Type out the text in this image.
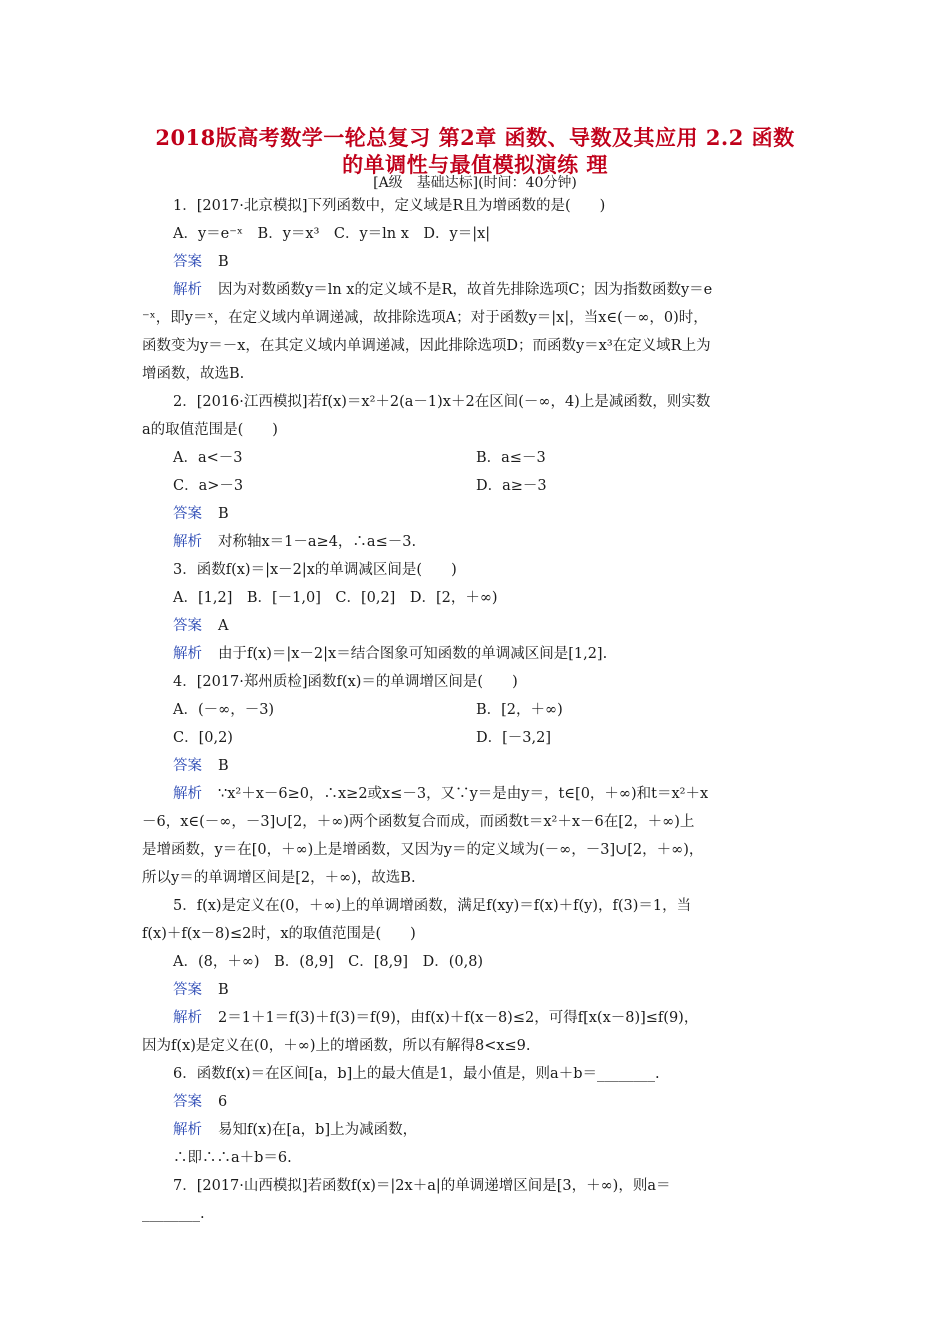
2018版高考数学一轮总复习 第2章 函数、导数及其应用 2.2 函数
的单调性与最值模拟演练 理
[A级　基础达标](时间：40分钟)
1．[2017·北京模拟]下列函数中，定义域是R且为增函数的是(　　)
A．y＝e⁻ˣ　B．y＝x³　C．y＝ln x　D．y＝|x|
答案 B
解析 因为对数函数y＝ln x的定义域不是R，故首先排除选项C；因为指数函数y＝e
⁻ˣ，即y＝ˣ，在定义域内单调递减，故排除选项A；对于函数y＝|x|，当x∈(－∞，0)时，
函数变为y＝－x，在其定义域内单调递减，因此排除选项D；而函数y＝x³在定义域R上为
增函数，故选B.
2．[2016·江西模拟]若f(x)＝x²＋2(a－1)x＋2在区间(－∞，4)上是减函数，则实数
a的取值范围是(　　)
A．a<－3	B．a≤－3
C．a>－3	D．a≥－3
答案 B
解析 对称轴x＝1－a≥4，∴a≤－3.
3．函数f(x)＝|x－2|x的单调减区间是(　　)
A．[1,2]　B．[－1,0]　C．[0,2]　D．[2，＋∞)
答案 A
解析 由于f(x)＝|x－2|x＝结合图象可知函数的单调减区间是[1,2].
4．[2017·郑州质检]函数f(x)＝的单调增区间是(　　)
A．(－∞，－3)	B．[2，＋∞)
C．[0,2)	D．[－3,2]
答案 B
解析 ∵x²＋x－6≥0，∴x≥2或x≤－3，又∵y＝是由y＝，t∈[0，＋∞)和t＝x²＋x
－6，x∈(－∞，－3]∪[2，＋∞)两个函数复合而成，而函数t＝x²＋x－6在[2，＋∞)上
是增函数，y＝在[0，＋∞)上是增函数，又因为y＝的定义域为(－∞，－3]∪[2，＋∞)，
所以y＝的单调增区间是[2，＋∞)，故选B.
5．f(x)是定义在(0，＋∞)上的单调增函数，满足f(xy)＝f(x)＋f(y)，f(3)＝1，当
f(x)＋f(x－8)≤2时，x的取值范围是(　　)
A．(8，＋∞)　B．(8,9]　C．[8,9]　D．(0,8)
答案 B
解析 2＝1＋1＝f(3)＋f(3)＝f(9)，由f(x)＋f(x－8)≤2，可得f[x(x－8)]≤f(9)，
因为f(x)是定义在(0，＋∞)上的增函数，所以有解得8<x≤9.
6．函数f(x)＝在区间[a，b]上的最大值是1，最小值是，则a＋b＝________.
答案 6
解析 易知f(x)在[a，b]上为减函数，
∴即∴∴a＋b＝6.
7．[2017·山西模拟]若函数f(x)＝|2x＋a|的单调递增区间是[3，＋∞)，则a＝
________.
